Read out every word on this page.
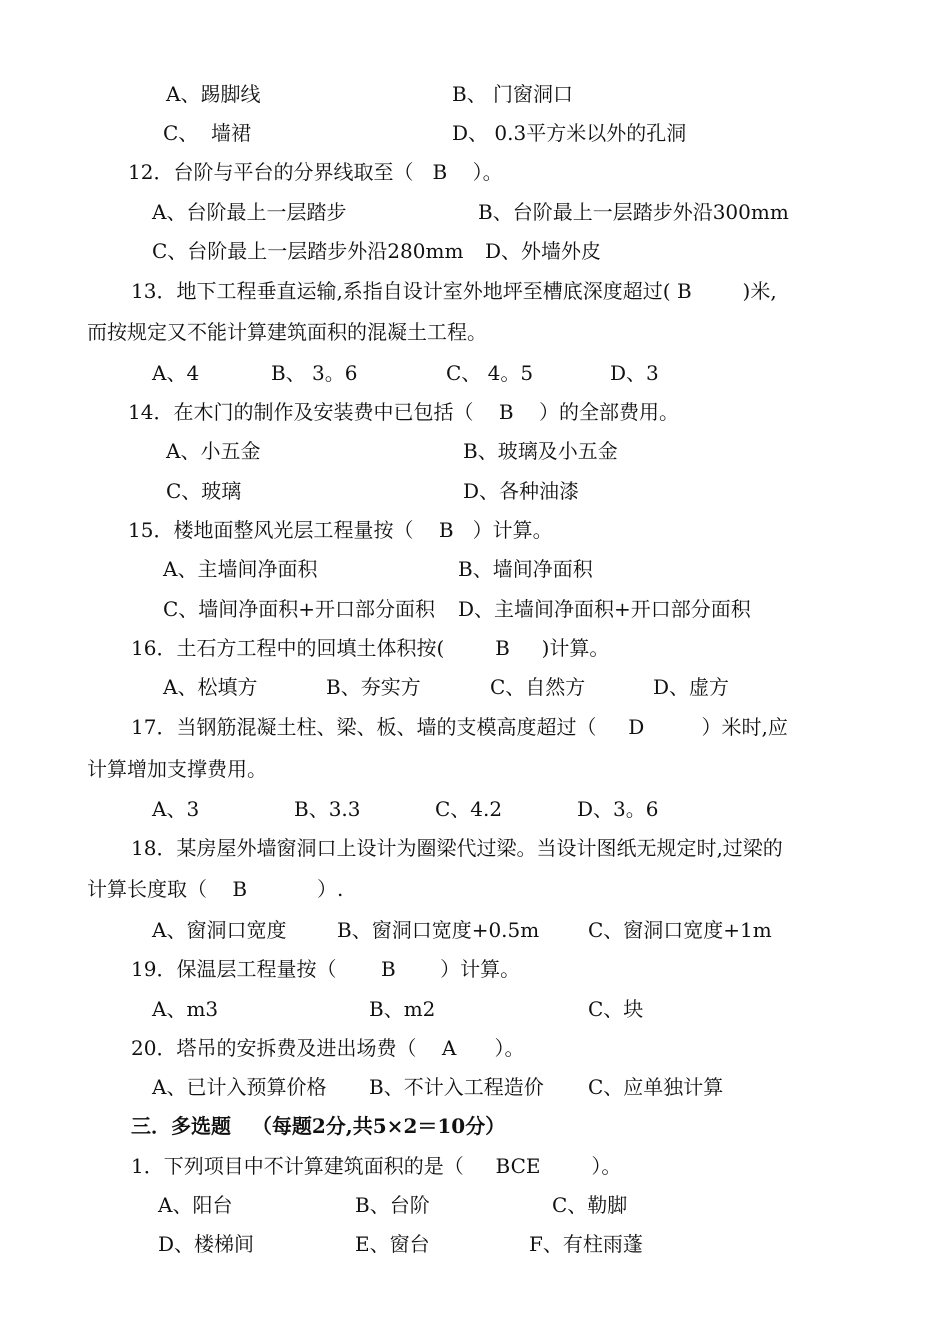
A、踢脚线	B、 门窗洞口
C、  墙裙	D、 0.3平方米以外的孔洞
12．台阶与平台的分界线取至（   B    ）。
A、台阶最上一层踏步	B、台阶最上一层踏步外沿300mm
C、台阶最上一层踏步外沿280mm D、外墙外皮
13．地下工程垂直运输,系指自设计室外地坪至槽底深度超过( B        )米,
而按规定又不能计算建筑面积的混凝土工程。
A、4	B、 3。6	C、 4。5	D、3
14．在木门的制作及安装费中已包括（    B    ）的全部费用。
A、小五金	B、玻璃及小五金
C、玻璃	D、各种油漆
15．楼地面整风光层工程量按（    B   ）计算。
A、主墙间净面积	B、墙间净面积
C、墙间净面积+开口部分面积 D、主墙间净面积+开口部分面积
16．土石方工程中的回填土体积按(        B     )计算。
A、松填方	B、夯实方	C、自然方	D、虚方
17．当钢筋混凝土柱、梁、板、墙的支模高度超过（     D         ）米时,应
计算增加支撑费用。
A、3	B、3.3	C、4.2	D、3。6
18．某房屋外墙窗洞口上设计为圈梁代过梁。当设计图纸无规定时,过梁的
计算长度取（    B           ）.
A、窗洞口宽度	B、窗洞口宽度+0.5m C、窗洞口宽度+1m
19．保温层工程量按（       B       ）计算。
A、m3	B、m2	C、块
20．塔吊的安拆费及进出场费（    A      ）。
A、已计入预算价格 B、不计入工程造价 C、应单独计算
三．多选题   （每题2分,共5×2＝10分）
1．下列项目中不计算建筑面积的是（     BCE        ）。
A、阳台	B、台阶	C、勒脚
D、楼梯间	E、窗台	F、有柱雨蓬
